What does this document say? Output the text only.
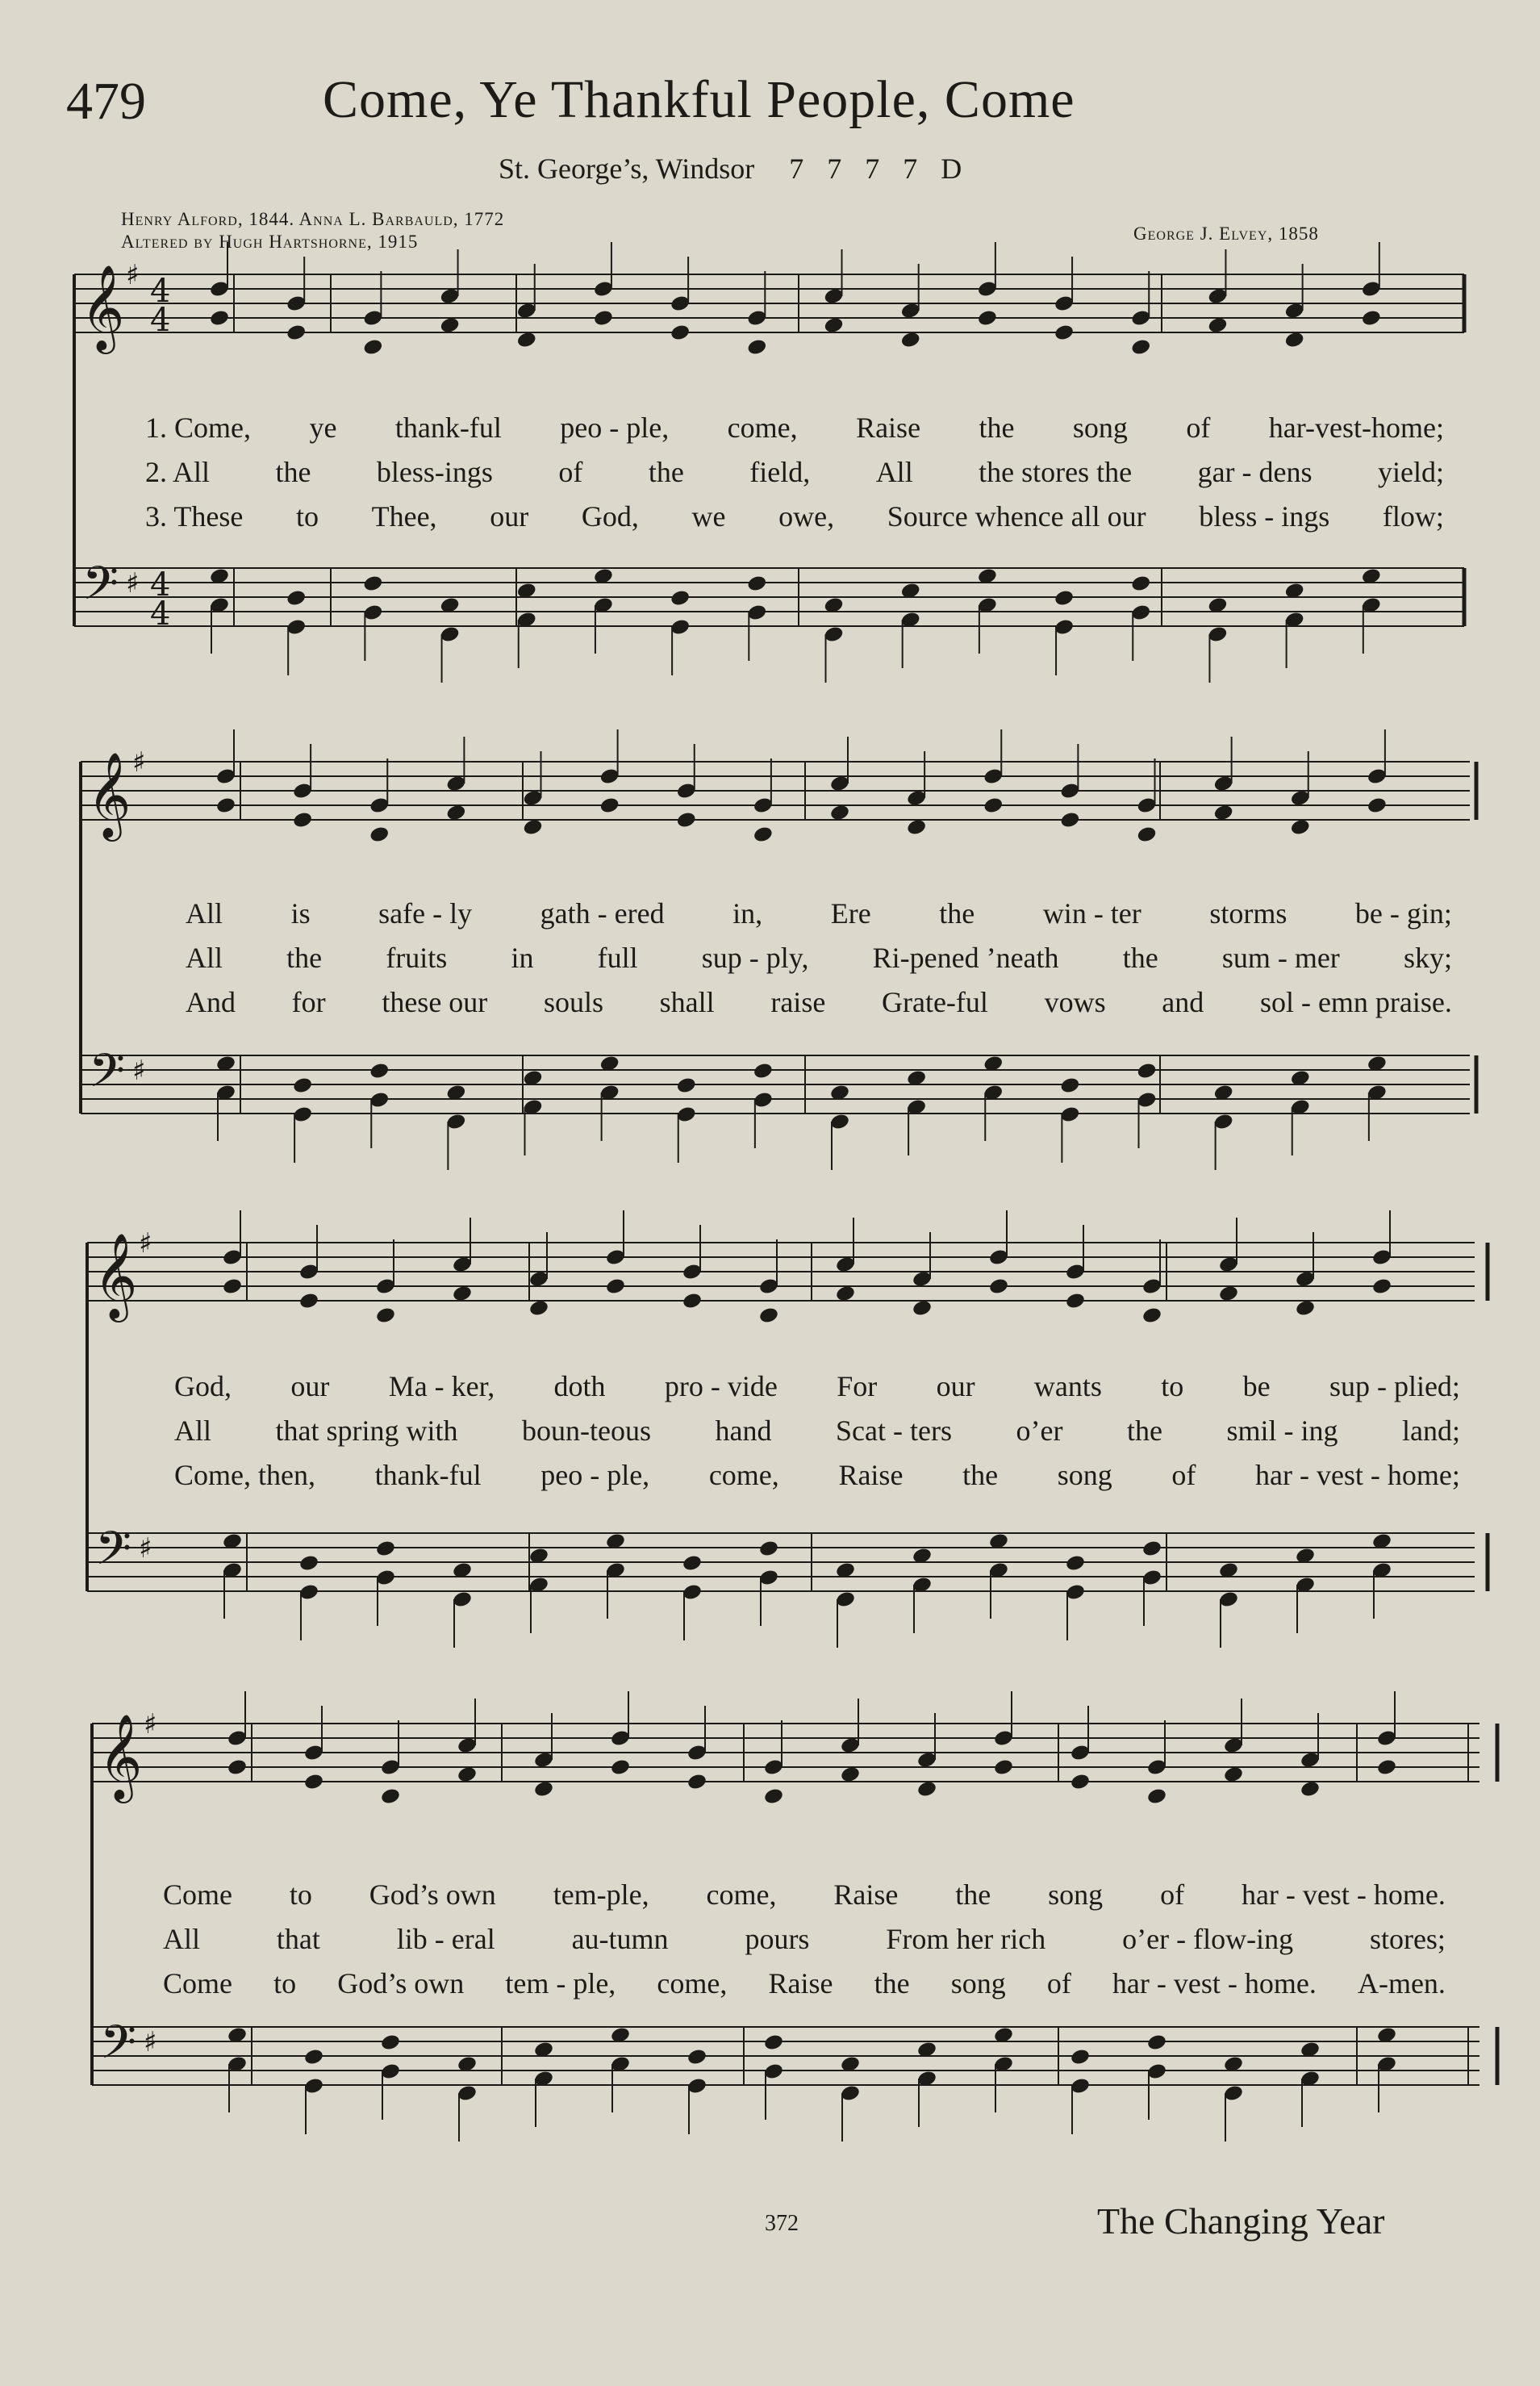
479	Come, Ye Thankful People, Come
St. George’s, Windsor 7 7 7 7 D
Henry Alford, 1844. Anna L. Barbauld, 1772
Altered by Hugh Hartshorne, 1915	George J. Elvey, 1858
𝄞
𝄢
♯
♯
4
4
4
4
𝄞
𝄢
♯
♯
𝄞
𝄢
♯
♯
𝄞
𝄢
♯
♯
1. Come, ye thank-ful peo - ple, come, Raise the song of har-vest-home;
2. All the bless-ings of the field, All the stores the gar - dens yield;
3. These to Thee, our God, we owe, Source whence all our bless - ings flow;
All is safe - ly gath - ered in, Ere the win - ter storms be - gin;
All the fruits in full sup - ply, Ri-pened ’neath the sum - mer sky;
And for these our souls shall raise Grate-ful vows and sol - emn praise.
God, our Ma - ker, doth pro - vide For our wants to be sup - plied;
All that spring with boun-teous hand Scat - ters o’er the smil - ing land;
Come, then, thank-ful peo - ple, come, Raise the song of har - vest - home;
Come to God’s own tem-ple, come, Raise the song of har - vest - home.
All	that	lib - eral	au-tumn	pours	From her rich	o’er - flow-ing	stores;
Come to God’s own tem - ple, come, Raise the song of har - vest - home. A-men.
372	The Changing Year
